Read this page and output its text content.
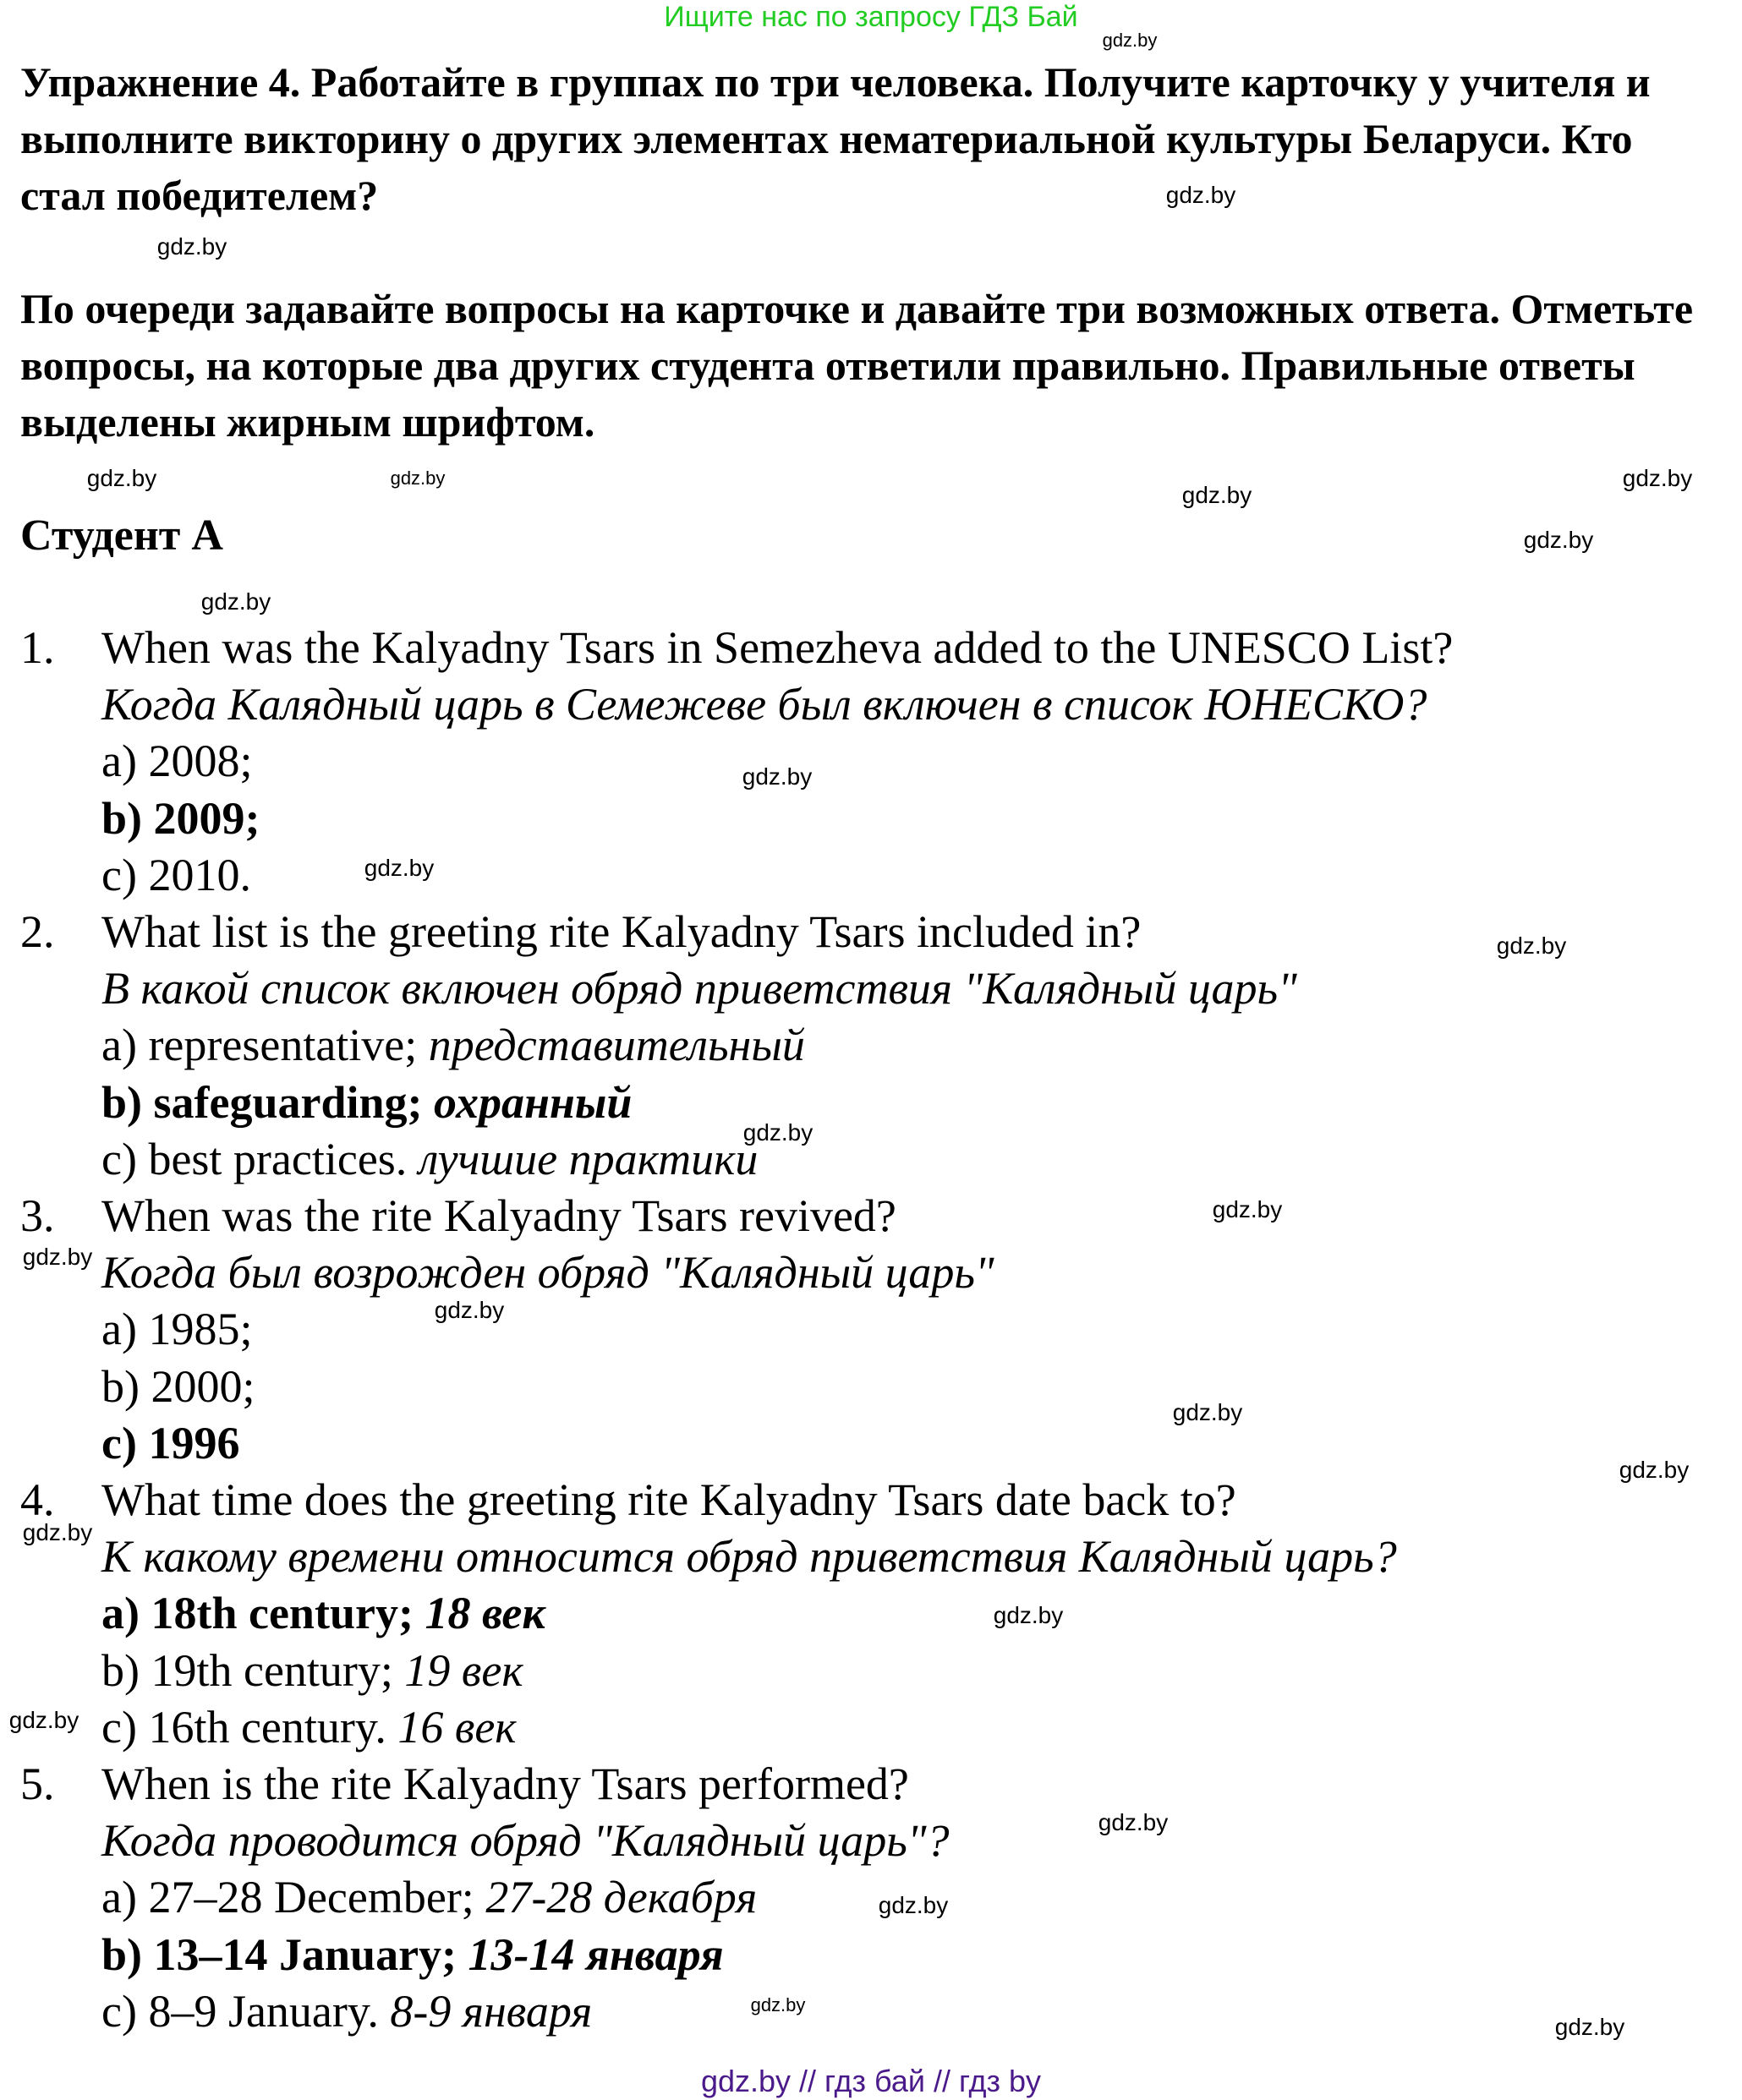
Ищите нас по запросу ГДЗ Бай
Упражнение 4. Работайте в группах по три человека. Получите карточку у учителя и выполните викторину о других элементах нематериальной культуры Беларуси. Кто стал победителем?
По очереди задавайте вопросы на карточке и давайте три возможных ответа. Отметьте вопросы, на которые два других студента ответили правильно. Правильные ответы выделены жирным шрифтом.
Студент А
1. When was the Kalyadny Tsars in Semezheva added to the UNESCO List?
Когда Калядный царь в Семежеве был включен в список ЮНЕСКО?
a) 2008;
b) 2009;
c) 2010.
2. What list is the greeting rite Kalyadny Tsars included in?
В какой список включен обряд приветствия "Калядный царь"
a) representative; представительный
b) safeguarding; охранный
c) best practices. лучшие практики
3. When was the rite Kalyadny Tsars revived?
Когда был возрожден обряд "Калядный царь"
a) 1985;
b) 2000;
c) 1996
4. What time does the greeting rite Kalyadny Tsars date back to?
К какому времени относится обряд приветствия Калядный царь?
a) 18th century; 18 век
b) 19th century; 19 век
c) 16th century. 16 век
5. When is the rite Kalyadny Tsars performed?
Когда проводится обряд "Калядный царь"?
a) 27–28 December; 27-28 декабря
b) 13–14 January; 13-14 января
c) 8–9 January. 8-9 января
gdz.by
gdz.by
gdz.by
gdz.by	gdz.by
gdz.by
gdz.by
gdz.by
gdz.by
gdz.by
gdz.by
gdz.by
gdz.by
gdz.by
gdz.by
gdz.by
gdz.by
gdz.by
gdz.by
gdz.by
gdz.by
gdz.by
gdz.by
gdz.by
gdz.by
gdz.by // гдз бай // гдз by
